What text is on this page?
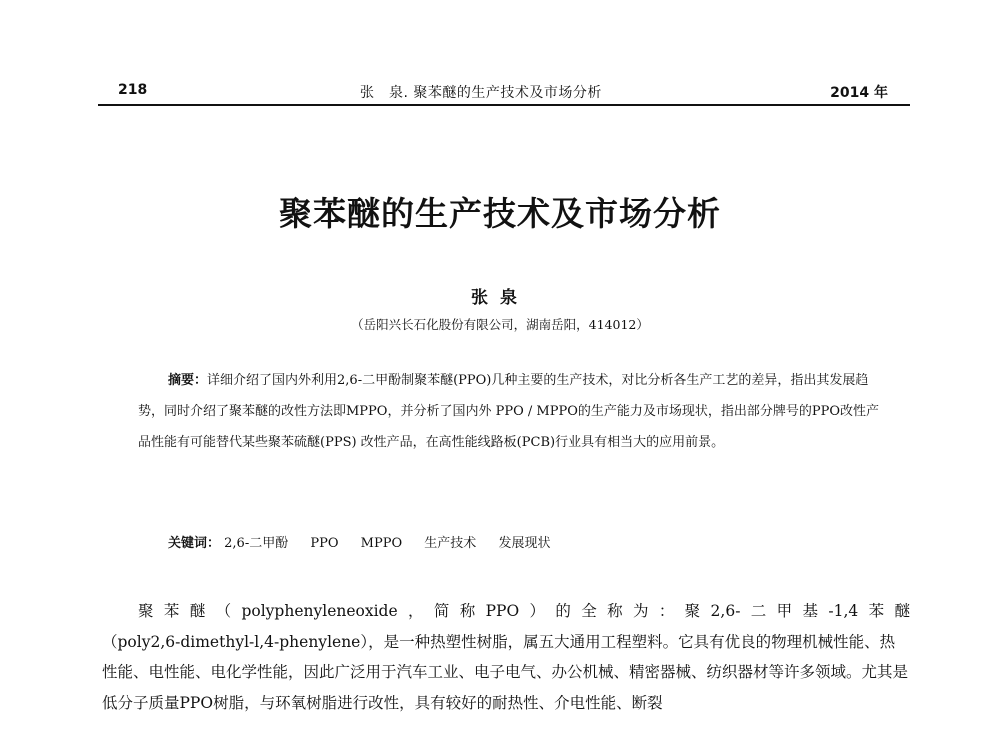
218	张　泉. 聚苯醚的生产技术及市场分析	2014 年
聚苯醚的生产技术及市场分析
张泉
（岳阳兴长石化股份有限公司，湖南岳阳，414012）
摘要：详细介绍了国内外利用2,6-二甲酚制聚苯醚(PPO)几种主要的生产技术，对比分析各生产工艺的差异，指出其发展趋势，同时介绍了聚苯醚的改性方法即MPPO，并分析了国内外 PPO / MPPO的生产能力及市场现状，指出部分牌号的PPO改性产品性能有可能替代某些聚苯硫醚(PPS) 改性产品，在高性能线路板(PCB)行业具有相当大的应用前景。
关键词： 2,6-二甲酚 PPO MPPO 生产技术 发展现状

聚苯醚（polyphenyleneoxide，简称PPO）的全称为：聚2,6-二甲基-1,4苯醚

（poly2,6-dimethyl-l,4-phenylene），是一种热塑性树脂，属五大通用工程塑料。它具有优良的物理机械性能、热性能、电性能、电化学性能，因此广泛用于汽车工业、电子电气、办公机械、精密器械、纺织器材等许多领域。尤其是低分子质量PPO树脂，与环氧树脂进行改性，具有较好的耐热性、介电性能、断裂
